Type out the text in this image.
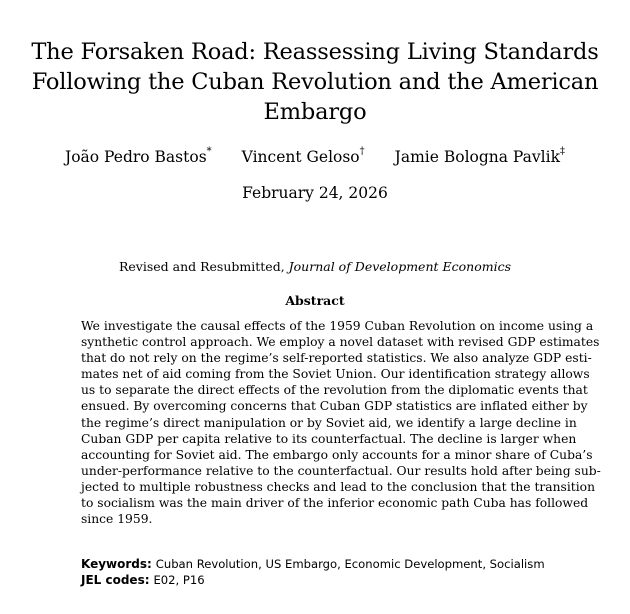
The Forsaken Road: Reassessing Living Standards
Following the Cuban Revolution and the American
Embargo
João Pedro Bastos* Vincent Geloso† Jamie Bologna Pavlik‡
February 24, 2026
Revised and Resubmitted, Journal of Development Economics
Abstract
We investigate the causal effects of the 1959 Cuban Revolution on income using a
synthetic control approach. We employ a novel dataset with revised GDP estimates
that do not rely on the regime’s self-reported statistics. We also analyze GDP esti-
mates net of aid coming from the Soviet Union. Our identification strategy allows
us to separate the direct effects of the revolution from the diplomatic events that
ensued. By overcoming concerns that Cuban GDP statistics are inflated either by
the regime’s direct manipulation or by Soviet aid, we identify a large decline in
Cuban GDP per capita relative to its counterfactual. The decline is larger when
accounting for Soviet aid. The embargo only accounts for a minor share of Cuba’s
under-performance relative to the counterfactual. Our results hold after being sub-
jected to multiple robustness checks and lead to the conclusion that the transition
to socialism was the main driver of the inferior economic path Cuba has followed
since 1959.
Keywords: Cuban Revolution, US Embargo, Economic Development, Socialism
JEL codes: E02, P16
